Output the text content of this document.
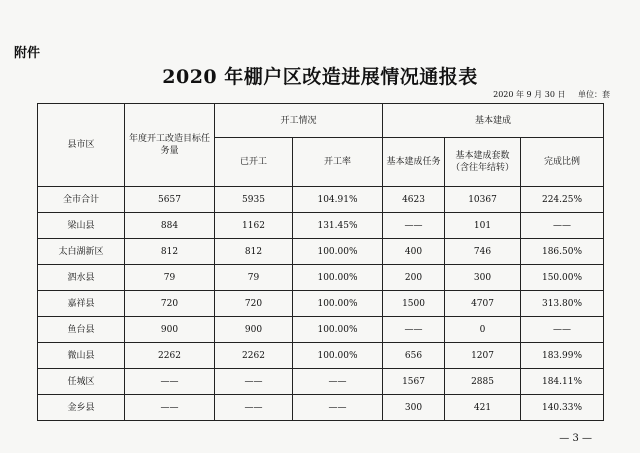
附件
2020 年棚户区改造进展情况通报表
2020 年 9 月 30 日 单位：套
县市区	年度开工改造目标任务量	开工情况		基本建成		
		已开工	开工率	基本建成任务	基本建成套数（含往年结转）	完成比例
全市合计	5657	5935	104.91%	4623	10367	224.25%
梁山县	884	1162	131.45%	——	101	——
太白湖新区	812	812	100.00%	400	746	186.50%
泗水县	79	79	100.00%	200	300	150.00%
嘉祥县	720	720	100.00%	1500	4707	313.80%
鱼台县	900	900	100.00%	——	0	——
微山县	2262	2262	100.00%	656	1207	183.99%
任城区	——	——	——	1567	2885	184.11%
金乡县	——	——	——	300	421	140.33%
— 3 —
